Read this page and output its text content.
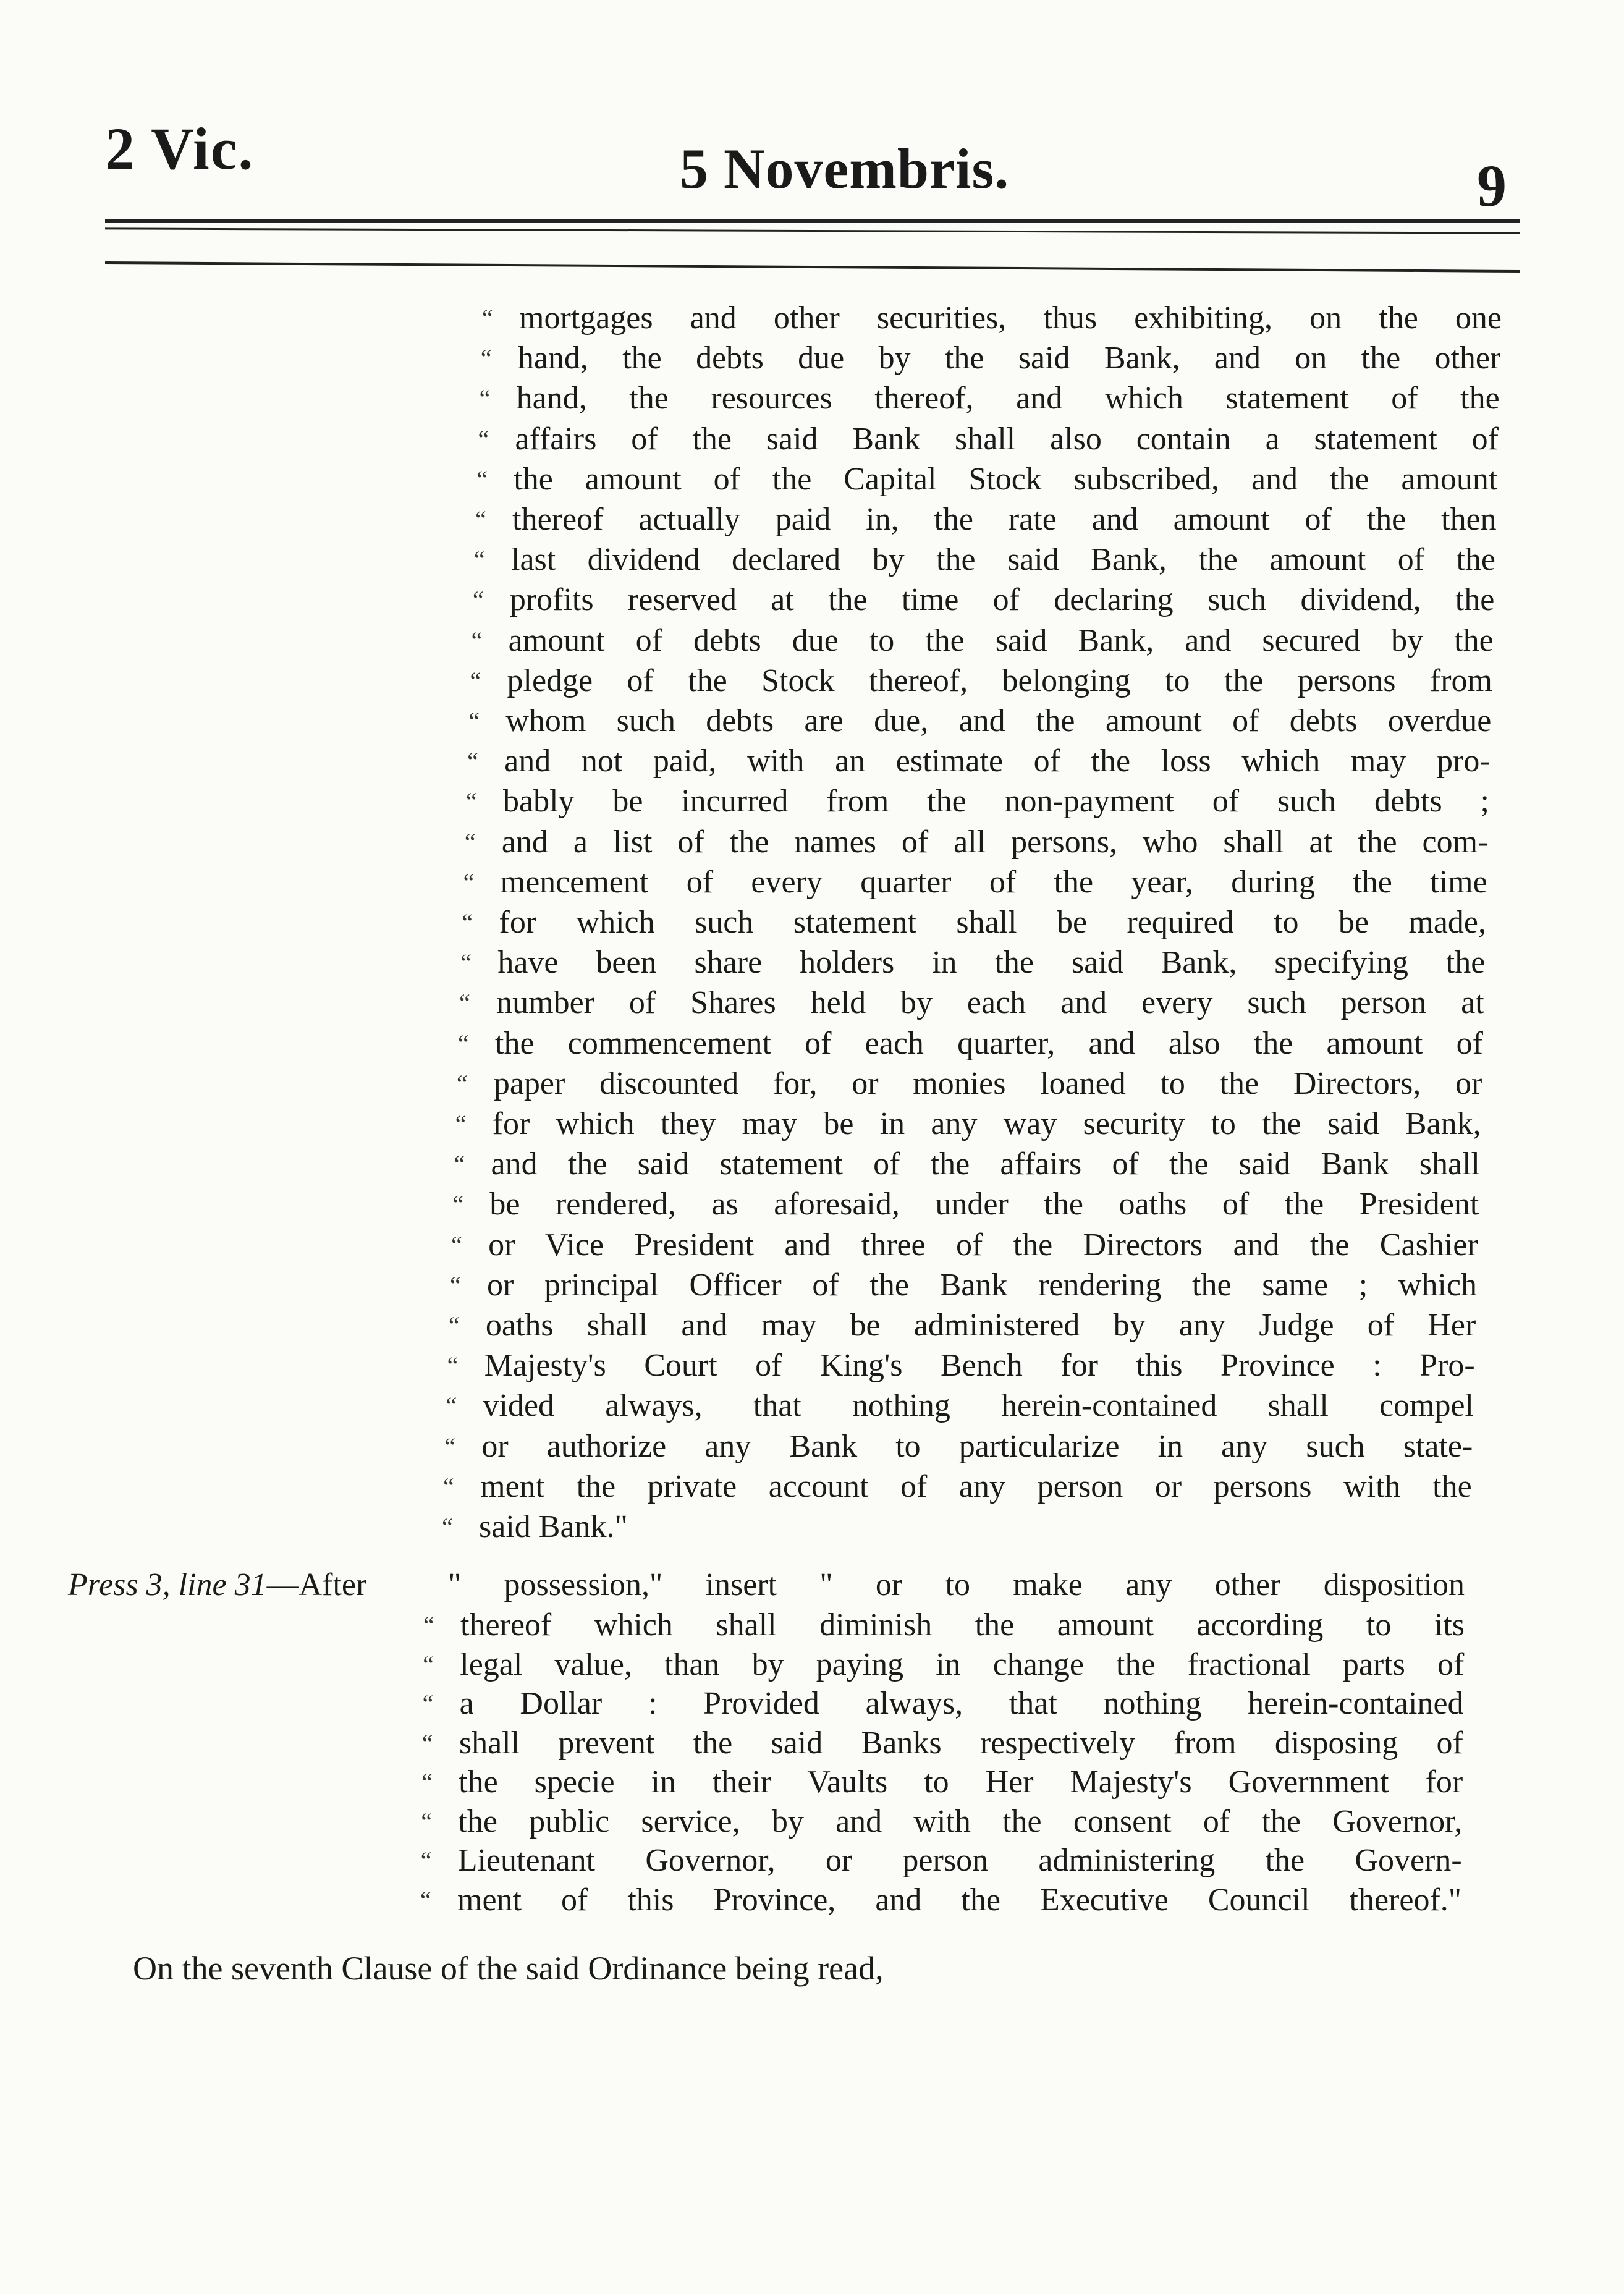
2 Vic.	5 Novembris.	9
Press 3, line 31—After	" possession," insert " or to make any other disposition
On the seventh Clause of the said Ordinance being read,
“ mortgages and other securities, thus exhibiting, on the one
“ hand, the debts due by the said Bank, and on the other
“ hand, the resources thereof, and which statement of the
“ affairs of the said Bank shall also contain a statement of
“ the amount of the Capital Stock subscribed, and the amount
“ thereof actually paid in, the rate and amount of the then
“ last dividend declared by the said Bank, the amount of the
“ profits reserved at the time of declaring such dividend, the
“ amount of debts due to the said Bank, and secured by the
“ pledge of the Stock thereof, belonging to the persons from
“ whom such debts are due, and the amount of debts overdue
“ and not paid, with an estimate of the loss which may pro-
“ bably be incurred from the non-payment of such debts ;
“ and a list of the names of all persons, who shall at the com-
“ mencement of every quarter of the year, during the time
“ for which such statement shall be required to be made,
“ have been share holders in the said Bank, specifying the
“ number of Shares held by each and every such person at
“ the commencement of each quarter, and also the amount of
“ paper discounted for, or monies loaned to the Directors, or
“ for which they may be in any way security to the said Bank,
“ and the said statement of the affairs of the said Bank shall
“ be rendered, as aforesaid, under the oaths of the President
“ or Vice President and three of the Directors and the Cashier
“ or principal Officer of the Bank rendering the same ; which
“ oaths shall and may be administered by any Judge of Her
“ Majesty's Court of King's Bench for this Province : Pro-
“ vided always, that nothing herein-contained shall compel
“ or authorize any Bank to particularize in any such state-
“ ment the private account of any person or persons with the
“ said Bank."
“ thereof which shall diminish the amount according to its
“ legal value, than by paying in change the fractional parts of
“ a Dollar : Provided always, that nothing herein-contained
“ shall prevent the said Banks respectively from disposing of
“ the specie in their Vaults to Her Majesty's Government for
“ the public service, by and with the consent of the Governor,
“ Lieutenant Governor, or person administering the Govern-
“ ment of this Province, and the Executive Council thereof."
